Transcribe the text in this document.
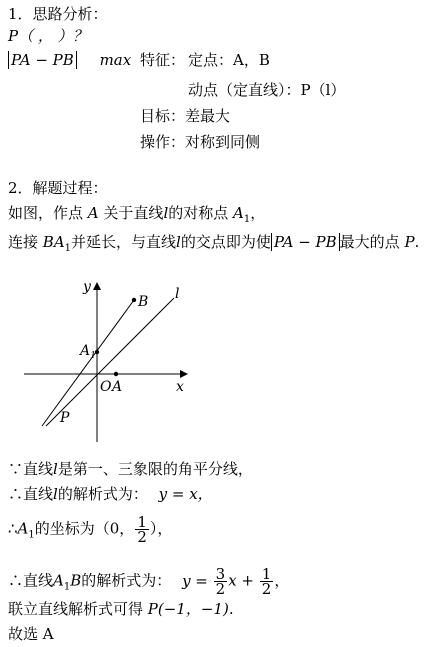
1．思路分析：
P（ ， ）？
PA − PB max 特征： 定点：A，B
动点（定直线）：P（l）
目标：差最大
操作：对称到同侧
2．解题过程：
如图，作点 A 关于直线l的对称点 $A_1$，
连接 $BA_1$并延长，与直线l的交点即为使 PA − PB 最大的点 P.
y
x
B l
$A_1$
O A
P
∵直线l是第一、三象限的角平分线，
∴直线l的解析式为： y = x，
$\therefore A_1$的坐标为（0， $\frac{1}{2}$ ），
∴直线$A_1B$的解析式为： $y = \frac{3}{2}$ $x + \frac{1}{2}$ ，
联立直线解析式可得 P(−1，−1).
故选 A
